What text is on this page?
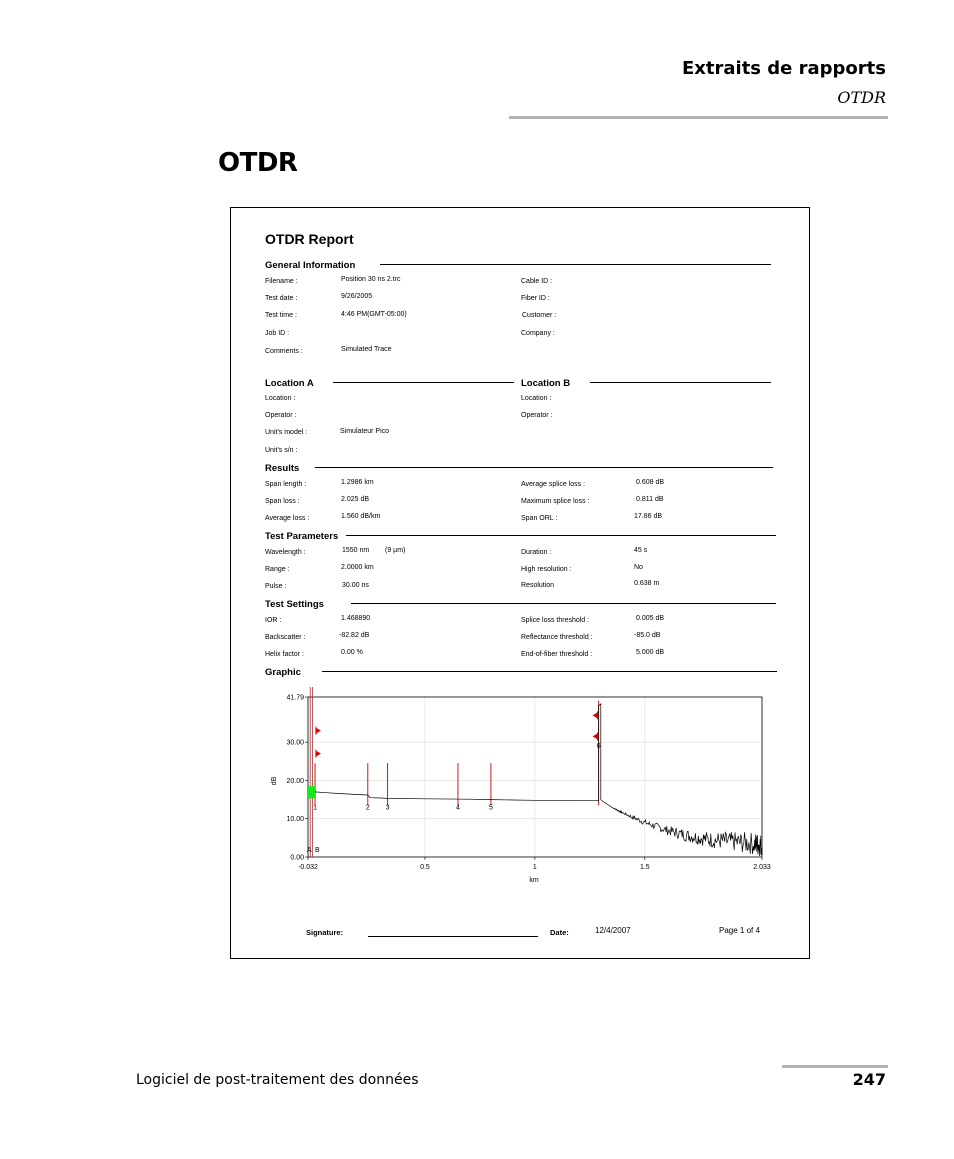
Extraits de rapports
OTDR
OTDR
OTDR Report
General Information
Filename :	Position 30 ns 2.trc
Test date :	9/26/2005
Test time :	4:46 PM(GMT-05:00)
Job ID :
Comments :	Simulated Trace
Cable ID :
Fiber ID :
Customer :
Company :
Location A	Location B
Location :
Operator :
Unit's model :	Simulateur Pico
Unit's s/n :
Location :
Operator :
Results
Span length :	1.2986 km
Span loss :	2.025 dB
Average loss :	1.560 dB/km
Average splice loss :	0.608 dB
Maximum splice loss :	0.811 dB
Span ORL :	17.86 dB
Test Parameters
Wavelength :	1550 nm (9 µm)
Range :	2.0000 km
Pulse :	30.00 ns
Duration :	45 s
High resolution :	No
Resolution	0.638 m
Test Settings
IOR :	1.468890
Backscatter :	-82.82 dB
Helix factor :	0.00 %
Splice loss threshold :	0.005 dB
Reflectance threshold :	-85.0 dB
End-of-fiber threshold :	5.000 dB
Graphic
-0.032	0.5	1	1.5	2.033
0.00
10.00
20.00
30.00
41.79
dB
km
1	2 3	4	5
6
A B
Signature:	Date:	12/4/2007	Page 1 of 4
Logiciel de post-traitement des données	247
